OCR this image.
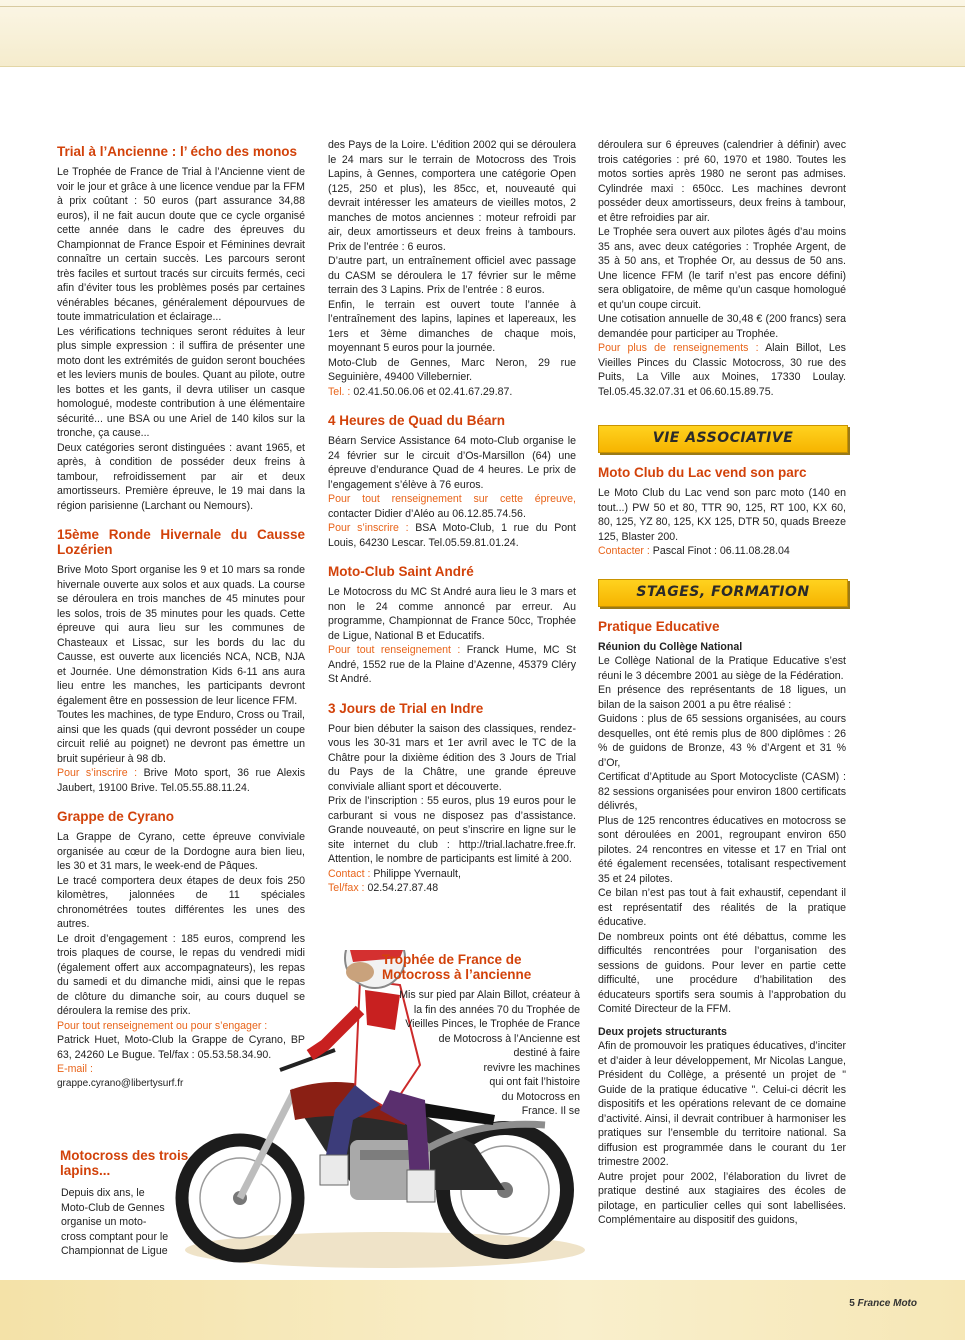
Trial à l’Ancienne : l’ écho des monos

Le Trophée de France de Trial à l’Ancienne vient de voir le jour et grâce à une licence vendue par la FFM à prix coûtant : 50 euros (part assurance 34,88 euros), il ne fait aucun doute que ce cycle organisé cette année dans le cadre des épreuves du Championnat de France Espoir et Féminines devrait connaître un certain succès. Les parcours seront très faciles et surtout tracés sur circuits fermés, ceci afin d’éviter tous les problèmes posés par certaines vénérables bécanes, généralement dépourvues de toute immatriculation et éclairage...

Les vérifications techniques seront réduites à leur plus simple expression : il suffira de présenter une moto dont les extrémités de guidon seront bouchées et les leviers munis de boules. Quant au pilote, outre les bottes et les gants, il devra utiliser un casque homologué, modeste contribution à une élémentaire sécurité... une BSA ou une Ariel de 140 kilos sur la tronche, ça cause...

Deux catégories seront distinguées : avant 1965, et après, à condition de posséder deux freins à tambour, refroidissement par air et deux amortisseurs. Première épreuve, le 19 mai dans la région parisienne (Larchant ou Nemours).

15ème Ronde Hivernale du Causse Lozérien

Brive Moto Sport organise les 9 et 10 mars sa ronde hivernale ouverte aux solos et aux quads. La course se déroulera en trois manches de 45 minutes pour les solos, trois de 35 minutes pour les quads. Cette épreuve qui aura lieu sur les communes de Chasteaux et Lissac, sur les bords du lac du Causse, est ouverte aux licenciés NCA, NCB, NJA et Journée. Une démonstration Kids 6-11 ans aura lieu entre les manches, les participants devront également être en possession de leur licence FFM.

Toutes les machines, de type Enduro, Cross ou Trail, ainsi que les quads (qui devront posséder un coupe circuit relié au poignet) ne devront pas émettre un bruit supérieur à 98 db.

Pour s’inscrire : Brive Moto sport, 36 rue Alexis Jaubert, 19100 Brive. Tel.05.55.88.11.24.

Grappe de Cyrano

La Grappe de Cyrano, cette épreuve conviviale organisée au cœur de la Dordogne aura bien lieu, les 30 et 31 mars, le week-end de Pâques.

Le tracé comportera deux étapes de deux fois 250 kilomètres, jalonnées de 11 spéciales chronométrées toutes différentes les unes des autres.

Le droit d’engagement : 185 euros, comprend les trois plaques de course, le repas du vendredi midi (également offert aux accompagnateurs), les repas du samedi et du dimanche midi, ainsi que le repas de clôture du dimanche soir, au cours duquel se déroulera la remise des prix.

Pour tout renseignement ou pour s’engager :

Patrick Huet, Moto-Club la Grappe de Cyrano, BP 63, 24260 Le Bugue. Tel/fax : 05.53.58.34.90.

E-mail :

grappe.cyrano@libertysurf.fr

Motocross des trois lapins...
Depuis dix ans, le
Moto-Club de Gennes
organise un moto-
cross comptant pour le
Championnat de Ligue

des Pays de la Loire. L’édition 2002 qui se déroulera le 24 mars sur le terrain de Motocross des Trois Lapins, à Gennes, comportera une catégorie Open (125, 250 et plus), les 85cc, et, nouveauté qui devrait intéresser les amateurs de vieilles motos, 2 manches de motos anciennes : moteur refroidi par air, deux amortisseurs et deux freins à tambours. Prix de l’entrée : 6 euros.

D’autre part, un entraînement officiel avec passage du CASM se déroulera le 17 février sur le même terrain des 3 Lapins. Prix de l’entrée : 8 euros.

Enfin, le terrain est ouvert toute l’année à l’entraînement des lapins, lapines et lapereaux, les 1ers et 3ème dimanches de chaque mois, moyennant 5 euros pour la journée.

Moto-Club de Gennes, Marc Neron, 29 rue Seguinière, 49400 Villebernier.

Tel. : 02.41.50.06.06 et 02.41.67.29.87.

4 Heures de Quad du Béarn

Béarn Service Assistance 64 moto-Club organise le 24 février sur le circuit d’Os-Marsillon (64) une épreuve d’endurance Quad de 4 heures. Le prix de l’engagement s’élève à 76 euros.

Pour tout renseignement sur cette épreuve, contacter Didier d’Aléo au 06.12.85.74.56.

Pour s’inscrire : BSA Moto-Club, 1 rue du Pont Louis, 64230 Lescar. Tel.05.59.81.01.24.

Moto-Club Saint André

Le Motocross du MC St André aura lieu le 3 mars et non le 24 comme annoncé par erreur. Au programme, Championnat de France 50cc, Trophée de Ligue, National B et Educatifs.

Pour tout renseignement : Franck Hume, MC St André, 1552 rue de la Plaine d’Azenne, 45379 Cléry St André.

3 Jours de Trial en Indre

Pour bien débuter la saison des classiques, rendez-vous les 30-31 mars et 1er avril avec le TC de la Châtre pour la dixième édition des 3 Jours de Trial du Pays de la Châtre, une grande épreuve conviviale alliant sport et découverte.

Prix de l’inscription : 55 euros, plus 19 euros pour le carburant si vous ne disposez pas d’assistance. Grande nouveauté, on peut s’inscrire en ligne sur le site internet du club : http://trial.lachatre.free.fr. Attention, le nombre de participants est limité à 200.

Contact : Philippe Yvernault,

Tel/fax : 02.54.27.87.48

Trophée de France de Motocross à l’ancienne
Mis sur pied par Alain Billot, créateur à
la fin des années 70 du Trophée de
Vieilles Pinces, le Trophée de France
de Motocross à l’Ancienne est
destiné à faire
revivre les machines
qui ont fait l’histoire
du Motocross en
France. Il se

déroulera sur 6 épreuves (calendrier à définir) avec trois catégories : pré 60, 1970 et 1980. Toutes les motos sorties après 1980 ne seront pas admises. Cylindrée maxi : 650cc. Les machines devront posséder deux amortisseurs, deux freins à tambour, et être refroidies par air.

Le Trophée sera ouvert aux pilotes âgés d’au moins 35 ans, avec deux catégories : Trophée Argent, de 35 à 50 ans, et Trophée Or, au dessus de 50 ans. Une licence FFM (le tarif n’est pas encore défini) sera obligatoire, de même qu’un casque homologué et qu’un coupe circuit.

Une cotisation annuelle de 30,48 € (200 francs) sera demandée pour participer au Trophée.

Pour plus de renseignements : Alain Billot, Les Vieilles Pinces du Classic Motocross, 30 rue des Puits, La Ville aux Moines, 17330 Loulay. Tel.05.45.32.07.31 et 06.60.15.89.75.

VIE ASSOCIATIVE
Moto Club du Lac vend son parc

Le Moto Club du Lac vend son parc moto (140 en tout...) PW 50 et 80, TTR 90, 125, RT 100, KX 60, 80, 125, YZ 80, 125, KX 125, DTR 50, quads Breeze 125, Blaster 200.

Contacter : Pascal Finot : 06.11.08.28.04

STAGES, FORMATION
Pratique Educative

Réunion du Collège National

Le Collège National de la Pratique Educative s’est réuni le 3 décembre 2001 au siège de la Fédération.

En présence des représentants de 18 ligues, un bilan de la saison 2001 a pu être réalisé :

Guidons : plus de 65 sessions organisées, au cours desquelles, ont été remis plus de 800 diplômes : 26 % de guidons de Bronze, 43 % d’Argent et 31 % d’Or,

Certificat d’Aptitude au Sport Motocycliste (CASM) : 82 sessions organisées pour environ 1800 certificats délivrés,

Plus de 125 rencontres éducatives en motocross se sont déroulées en 2001, regroupant environ 650 pilotes. 24 rencontres en vitesse et 17 en Trial ont été également recensées, totalisant respectivement 35 et 24 pilotes.

Ce bilan n’est pas tout à fait exhaustif, cependant il est représentatif des réalités de la pratique éducative.

De nombreux points ont été débattus, comme les difficultés rencontrées pour l’organisation des sessions de guidons. Pour lever en partie cette difficulté, une procédure d’habilitation des éducateurs sportifs sera soumis à l’approbation du Comité Directeur de la FFM.

Deux projets structurants

Afin de promouvoir les pratiques éducatives, d’inciter et d’aider à leur développement, Mr Nicolas Langue, Président du Collège, a présenté un projet de " Guide de la pratique éducative ". Celui-ci décrit les dispositifs et les opérations relevant de ce domaine d’activité. Ainsi, il devrait contribuer à harmoniser les pratiques sur l’ensemble du territoire national. Sa diffusion est programmée dans le courant du 1er trimestre 2002.

Autre projet pour 2002, l’élaboration du livret de pratique destiné aux stagiaires des écoles de pilotage, en particulier celles qui sont labellisées. Complémentaire au dispositif des guidons,

5 France Moto
